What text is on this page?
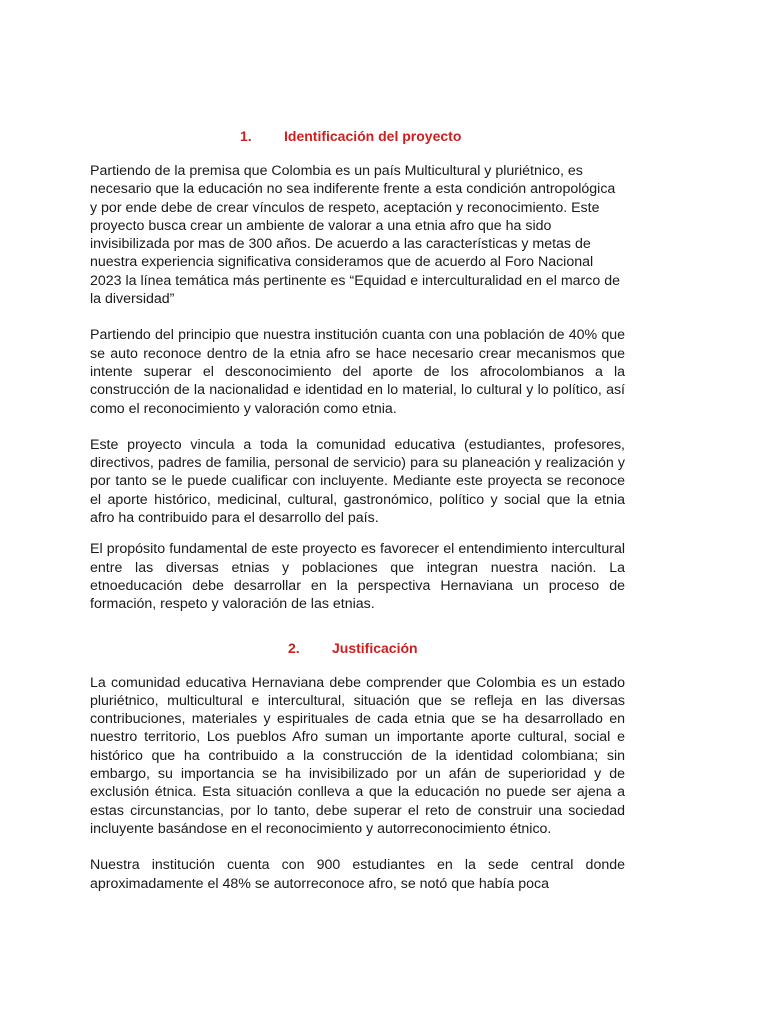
1.	Identificación del proyecto

Partiendo de la premisa que Colombia es un país Multicultural y pluriétnico, es necesario que la educación no sea indiferente frente a esta condición antropológica y por ende debe de crear vínculos de respeto, aceptación y reconocimiento. Este proyecto busca crear un ambiente de valorar a una etnia afro que ha sido invisibilizada por mas de 300 años. De acuerdo a las características y metas de nuestra experiencia significativa consideramos que de acuerdo al Foro Nacional 2023 la línea temática más pertinente es “Equidad e interculturalidad en el marco de la diversidad”

Partiendo del principio que nuestra institución cuanta con una población de 40% que se auto reconoce dentro de la etnia afro se hace necesario crear mecanismos que intente superar el desconocimiento del aporte de los afrocolombianos a la construcción de la nacionalidad e identidad en lo material, lo cultural y lo político, así como el reconocimiento y valoración como etnia.

Este proyecto vincula a toda la comunidad educativa (estudiantes, profesores, directivos, padres de familia, personal de servicio) para su planeación y realización y por tanto se le puede cualificar con incluyente. Mediante este proyecta se reconoce el aporte histórico, medicinal, cultural, gastronómico, político y social que la etnia afro ha contribuido para el desarrollo del país.

El propósito fundamental de este proyecto es favorecer el entendimiento intercultural entre las diversas etnias y poblaciones que integran nuestra nación. La etnoeducación debe desarrollar en la perspectiva Hernaviana un proceso de formación, respeto y valoración de las etnias.

2.	Justificación

La comunidad educativa Hernaviana debe comprender que Colombia es un estado pluriétnico, multicultural e intercultural, situación que se refleja en las diversas contribuciones, materiales y espirituales de cada etnia que se ha desarrollado en nuestro territorio, Los pueblos Afro suman un importante aporte cultural, social e histórico que ha contribuido a la construcción de la identidad colombiana; sin embargo, su importancia se ha invisibilizado por un afán de superioridad y de exclusión étnica. Esta situación conlleva a que la educación no puede ser ajena a estas circunstancias, por lo tanto, debe superar el reto de construir una sociedad incluyente basándose en el reconocimiento y autorreconocimiento étnico.

Nuestra institución cuenta con 900 estudiantes en la sede central donde aproximadamente el 48% se autorreconoce afro, se notó que había poca
